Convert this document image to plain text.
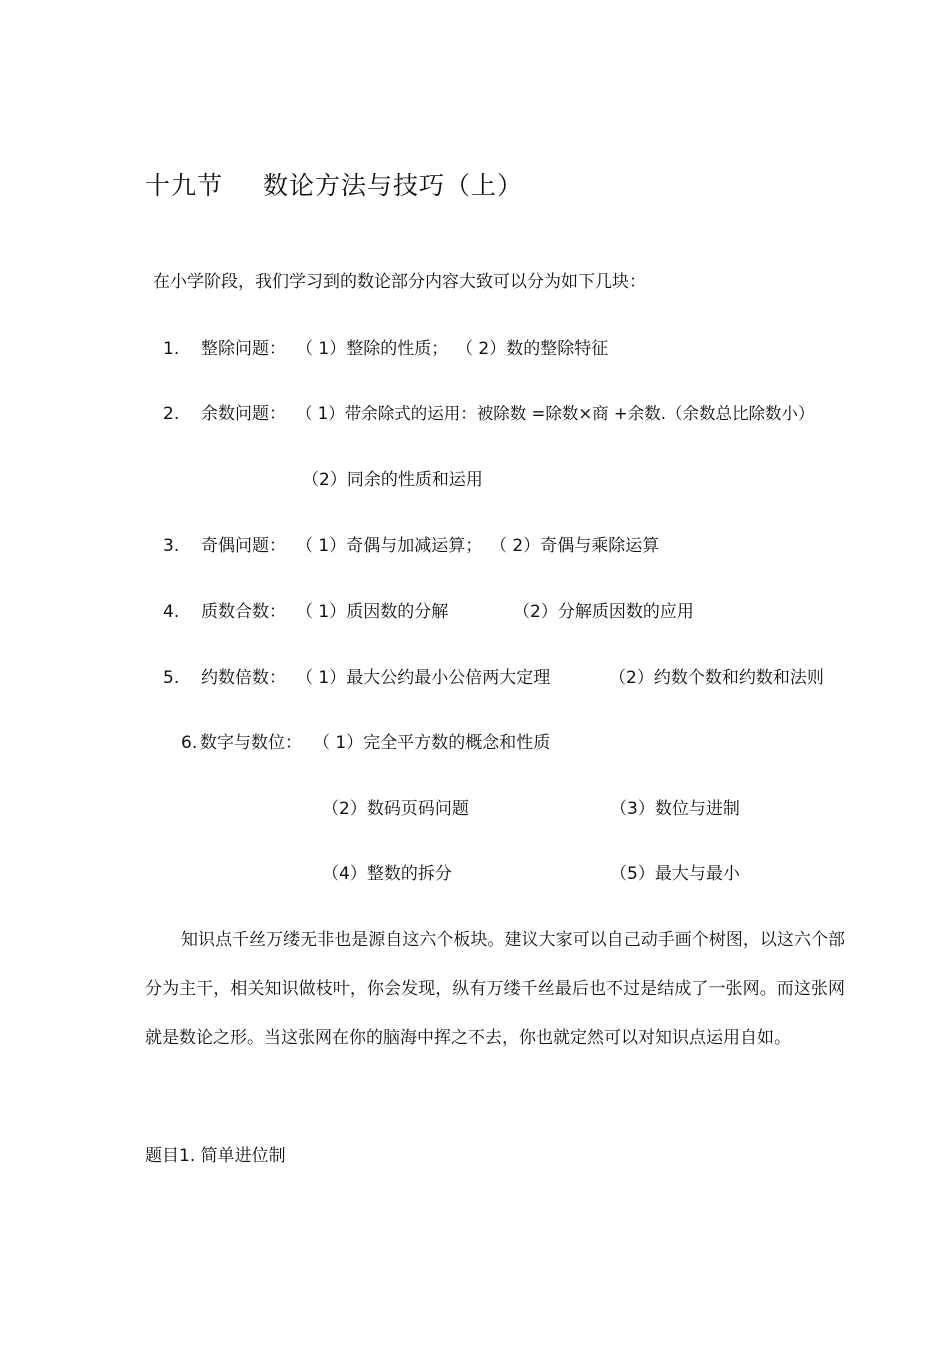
十九节 数论方法与技巧（上）
在小学阶段，我们学习到的数论部分内容大致可以分为如下几块：
1. 整除问题： （ 1）整除的性质； （ 2）数的整除特征
2. 余数问题： （ 1）带余除式的运用：被除数 =除数×商 +余数.（余数总比除数小）
（2）同余的性质和运用
3. 奇偶问题： （ 1）奇偶与加减运算； （ 2）奇偶与乘除运算
4. 质数合数： （ 1）质因数的分解	（2）分解质因数的应用
5. 约数倍数： （ 1）最大公约最小公倍两大定理	（2）约数个数和约数和法则
6. 数字与数位： （ 1）完全平方数的概念和性质
（2）数码页码问题	（3）数位与进制
（4）整数的拆分	（5）最大与最小
知识点千丝万缕无非也是源自这六个板块。建议大家可以自己动手画个树图，以这六个部分为主干，相关知识做枝叶，你会发现，纵有万缕千丝最后也不过是结成了一张网。而这张网就是数论之形。当这张网在你的脑海中挥之不去，你也就定然可以对知识点运用自如。
题目1. 简单进位制
